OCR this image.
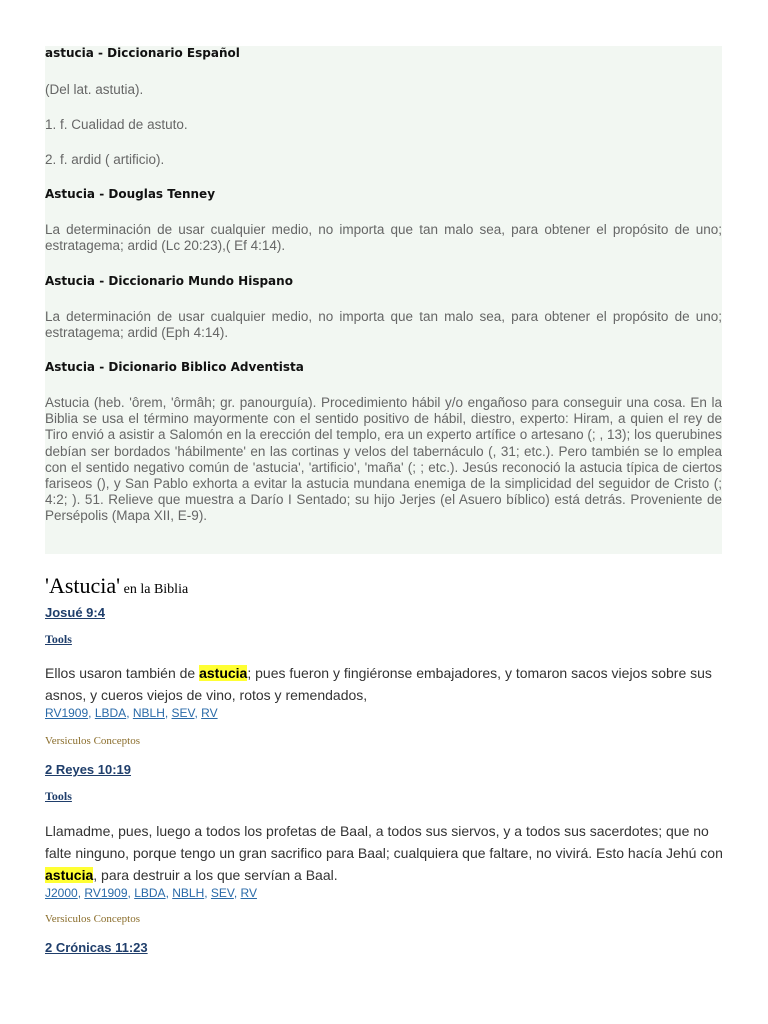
astucia - Diccionario Español
(Del lat. astutia).
1. f. Cualidad de astuto.
2. f. ardid ( artificio).
Astucia - Douglas Tenney
La determinación de usar cualquier medio, no importa que tan malo sea, para obtener el propósito de uno; estratagema; ardid (Lc 20:23),( Ef 4:14).
Astucia - Diccionario Mundo Hispano
La determinación de usar cualquier medio, no importa que tan malo sea, para obtener el propósito de uno; estratagema; ardid (Eph 4:14).
Astucia - Dicionario Biblico Adventista
Astucia (heb. 'ôrem, 'ôrmâh; gr. panourguía). Procedimiento hábil y/o engañoso para conseguir una cosa. En la Biblia se usa el término mayormente con el sentido positivo de hábil, diestro, experto: Hiram, a quien el rey de Tiro envió a asistir a Salomón en la erección del templo, era un experto artífice o artesano (; , 13); los querubines debían ser bordados 'hábilmente' en las cortinas y velos del tabernáculo (, 31; etc.). Pero también se lo emplea con el sentido negativo común de 'astucia', 'artificio', 'maña' (; ; etc.). Jesús reconoció la astucia típica de ciertos fariseos (), y San Pablo exhorta a evitar la astucia mundana enemiga de la simplicidad del seguidor de Cristo (; 4:2; ). 51. Relieve que muestra a Darío I Sentado; su hijo Jerjes (el Asuero bíblico) está detrás. Proveniente de Persépolis (Mapa XII, E-9).
'Astucia' en la Biblia
Josué 9:4
Tools
Ellos usaron también de astucia; pues fueron y fingiéronse embajadores, y tomaron sacos viejos sobre sus asnos, y cueros viejos de vino, rotos y remendados,
RV1909, LBDA, NBLH, SEV, RV
Versiculos Conceptos
2 Reyes 10:19
Tools
Llamadme, pues, luego a todos los profetas de Baal, a todos sus siervos, y a todos sus sacerdotes; que no falte ninguno, porque tengo un gran sacrifico para Baal; cualquiera que faltare, no vivirá. Esto hacía Jehú con astucia, para destruir a los que servían a Baal.
J2000, RV1909, LBDA, NBLH, SEV, RV
Versiculos Conceptos
2 Crónicas 11:23
